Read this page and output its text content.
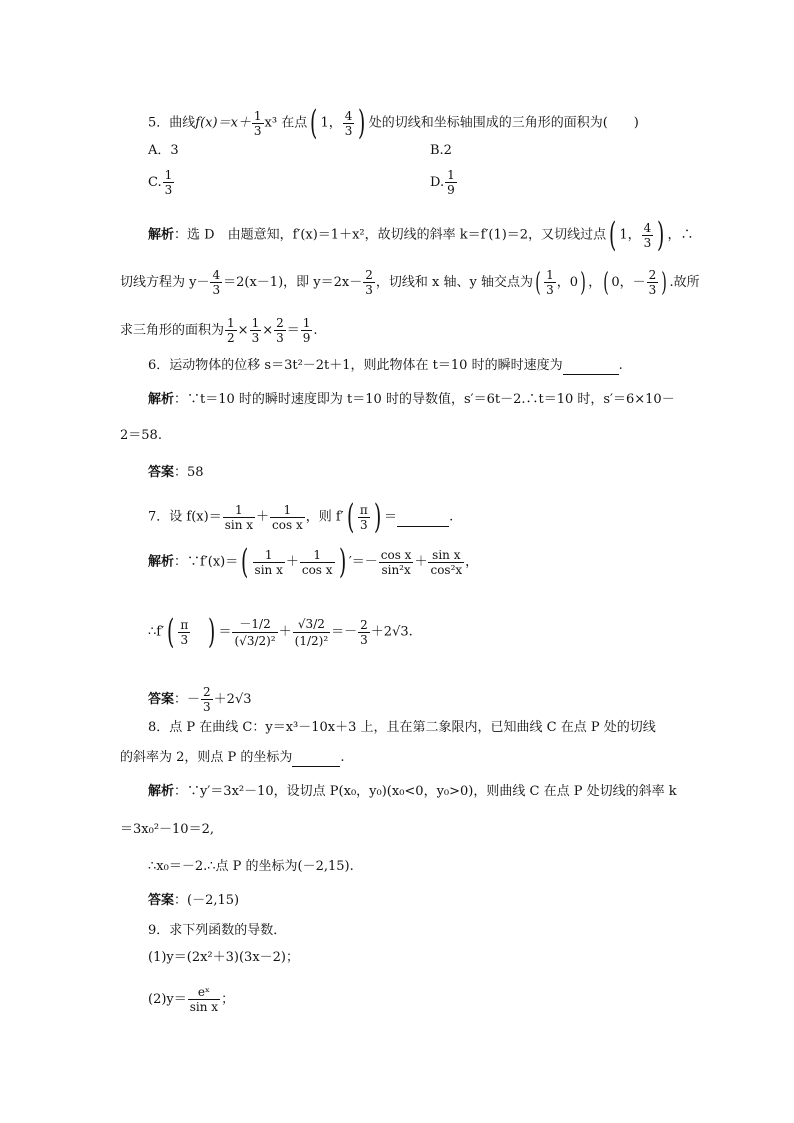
5．曲线$f(x)=x+ \frac{1}{3} x^3$ 在点( 1， $\frac{4}{3}$ ) 处的切线和坐标轴围成的三角形的面积为(　　)
A．3	B.2
C. $\frac{1}{3}$	D. $\frac{1}{9}$
解析：选 D　由题意知，f′(x)＝1＋x²，故切线的斜率 k＝f′(1)＝2，又切线过点( 1， $\frac{4}{3}$ ) ，∴
切线方程为 $y- \frac{4}{3} =2(x-1)$，即 $y=2x- \frac{2}{3}$ ，切线和 x 轴、y 轴交点为( $\frac{1}{3}$ ，0) ，( 0，－ $\frac{2}{3}$ ) .故所
求三角形的面积为 $\frac{1}{2} \times \frac{1}{3} \times \frac{2}{3} = \frac{1}{9}$ .
6．运动物体的位移 s＝3t²－2t＋1，则此物体在 t＝10 时的瞬时速度为	.
解析：∵t＝10 时的瞬时速度即为 t＝10 时的导数值，s′＝6t－2.∴t＝10 时，s′＝6×10－
2＝58.
答案：58
7．设 $f(x)= \frac{1}{\text{sin x}} + \frac{1}{\text{cos x}}$ ，则 $f'( \frac{\pi}{3}$ ) ＝	.
解析：∵f′(x)＝( $\frac{1}{\text{sin x}} + \frac{1}{\text{cos x}}$ ) ′＝－ $\frac{\text{cos x}}{\text{sin²x}} + \frac{\text{sin x}}{\text{cos²x}}$ ，
∴f′( $\frac{\pi}{3}$ ) ＝ $\frac{-1/2}{\text{(√3/2)²}} + \frac{√3/2}{\text{(1/2)²}} =- \frac{2}{3} +2√3$.
答案：－ $\frac{2}{3} +2√3$
8．点 P 在曲线 C：y＝x³－10x＋3 上，且在第二象限内，已知曲线 C 在点 P 处的切线
的斜率为 2，则点 P 的坐标为	.
解析：∵y′＝3x²－10，设切点 P(x₀，y₀)(x₀<0，y₀>0)，则曲线 C 在点 P 处切线的斜率 k
＝3x₀²－10＝2,
∴x₀＝－2.∴点 P 的坐标为(－2,15).
答案：(－2,15)
9．求下列函数的导数．
(1)y＝(2x²＋3)(3x－2)；
$(2)y= \frac{\text{eˣ}}{\text{sin x}}$ ；
